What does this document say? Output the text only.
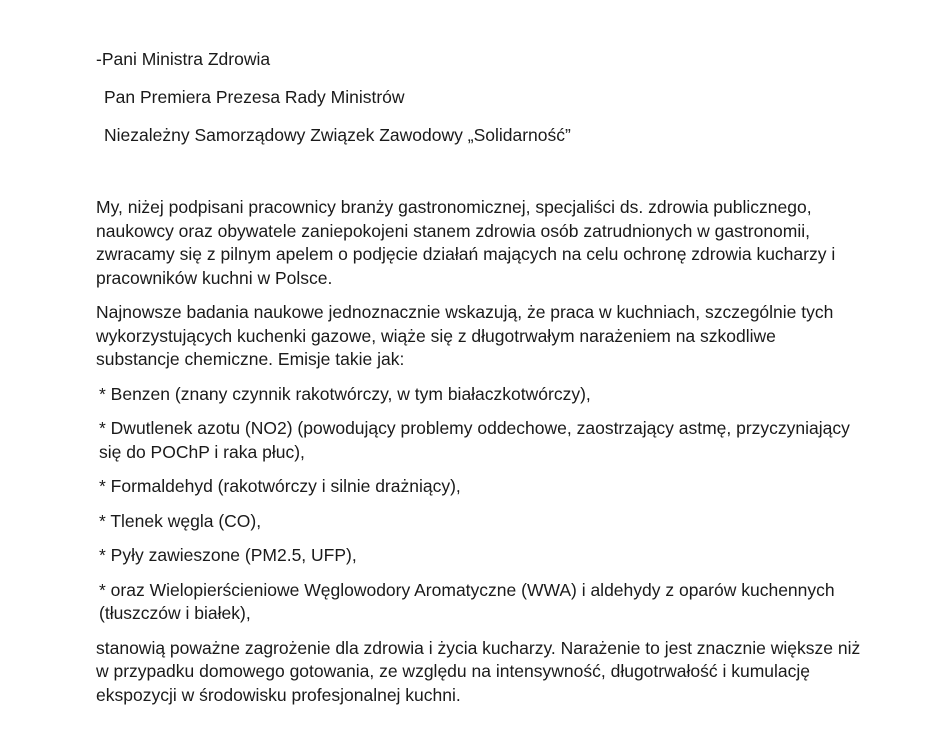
-Pani Ministra Zdrowia
Pan Premiera Prezesa Rady Ministrów
Niezależny Samorządowy Związek Zawodowy „Solidarność”

My, niżej podpisani pracownicy branży gastronomicznej, specjaliści ds. zdrowia publicznego, naukowcy oraz obywatele zaniepokojeni stanem zdrowia osób zatrudnionych w gastronomii, zwracamy się z pilnym apelem o podjęcie działań mających na celu ochronę zdrowia kucharzy i pracowników kuchni w Polsce.

Najnowsze badania naukowe jednoznacznie wskazują, że praca w kuchniach, szczególnie tych wykorzystujących kuchenki gazowe, wiąże się z długotrwałym narażeniem na szkodliwe substancje chemiczne. Emisje takie jak:

* Benzen (znany czynnik rakotwórczy, w tym białaczkotwórczy),

* Dwutlenek azotu (NO2) (powodujący problemy oddechowe, zaostrzający astmę, przyczyniający się do POChP i raka płuc),

* Formaldehyd (rakotwórczy i silnie drażniący),

* Tlenek węgla (CO),

* Pyły zawieszone (PM2.5, UFP),

* oraz Wielopierścieniowe Węglowodory Aromatyczne (WWA) i aldehydy z oparów kuchennych (tłuszczów i białek),

stanowią poważne zagrożenie dla zdrowia i życia kucharzy. Narażenie to jest znacznie większe niż w przypadku domowego gotowania, ze względu na intensywność, długotrwałość i kumulację ekspozycji w środowisku profesjonalnej kuchni.
